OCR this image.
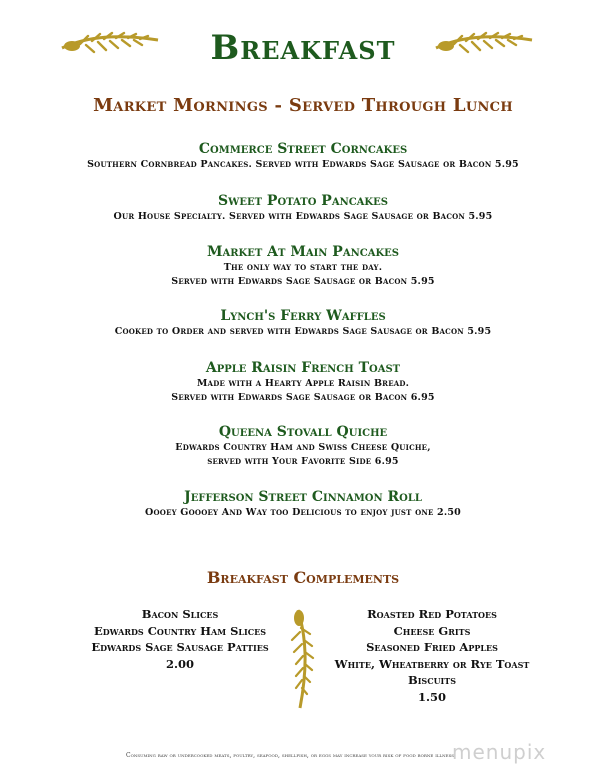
Breakfast
Market Mornings - Served Through Lunch
Commerce Street Corncakes
Southern Cornbread Pancakes. Served with Edwards Sage Sausage or Bacon 5.95
Sweet Potato Pancakes
Our House Specialty. Served with Edwards Sage Sausage or Bacon 5.95
Market At Main Pancakes
The only way to start the day.
Served with Edwards Sage Sausage or Bacon 5.95
Lynch's Ferry Waffles
Cooked to Order and served with Edwards Sage Sausage or Bacon 5.95
Apple Raisin French Toast
Made with a Hearty Apple Raisin Bread.
Served with Edwards Sage Sausage or Bacon 6.95
Queena Stovall Quiche
Edwards Country Ham and Swiss Cheese Quiche,
served with Your Favorite Side 6.95
Jefferson Street Cinnamon Roll
Oooey Goooey And Way too Delicious to enjoy just one 2.50
Breakfast Complements
Bacon Slices
Edwards Country Ham Slices
Edwards Sage Sausage Patties
2.00
Roasted Red Potatoes
Cheese Grits
Seasoned Fried Apples
White, Wheatberry or Rye Toast
Biscuits
1.50
Consuming raw or undercooked meats, poultry, seafood, shellfish, or eggs may increase your risk of food borne illness
menupix
